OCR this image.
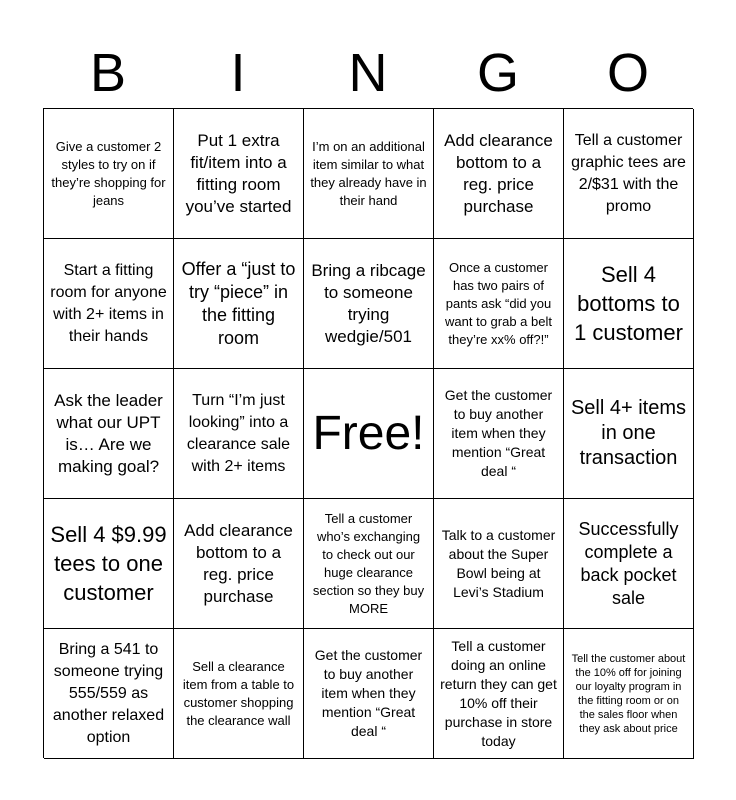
B	I	N	G	O
Give a customer 2 styles to try on if they’re shopping for jeans
Put 1 extra fit/item into a fitting room you’ve started
I’m on an additional item similar to what they already have in their hand
Add clearance bottom to a reg. price purchase
Tell a customer graphic tees are 2/$31 with the promo
Start a fitting room for anyone with 2+ items in their hands
Offer a “just to try “piece” in the fitting room
Bring a ribcage to someone trying wedgie/501
Once a customer has two pairs of pants ask “did you want to grab a belt they’re xx% off?!”
Sell 4 bottoms to 1 customer
Ask the leader what our UPT is… Are we making goal?
Turn “I’m just looking” into a clearance sale with 2+ items
Free!
Get the customer to buy another item when they mention “Great deal “
Sell 4+ items in one transaction
Sell 4 $9.99 tees to one customer
Add clearance bottom to a reg. price purchase
Tell a customer who’s exchanging to check out our huge clearance section so they buy MORE
Talk to a customer about the Super Bowl being at Levi’s Stadium
Successfully complete a back pocket sale
Bring a 541 to someone trying 555/559 as another relaxed option
Sell a clearance item from a table to customer shopping the clearance wall
Get the customer to buy another item when they mention “Great deal “
Tell a customer doing an online return they can get 10% off their purchase in store today
Tell the customer about the 10% off for joining our loyalty program in the fitting room or on the sales floor when they ask about price
